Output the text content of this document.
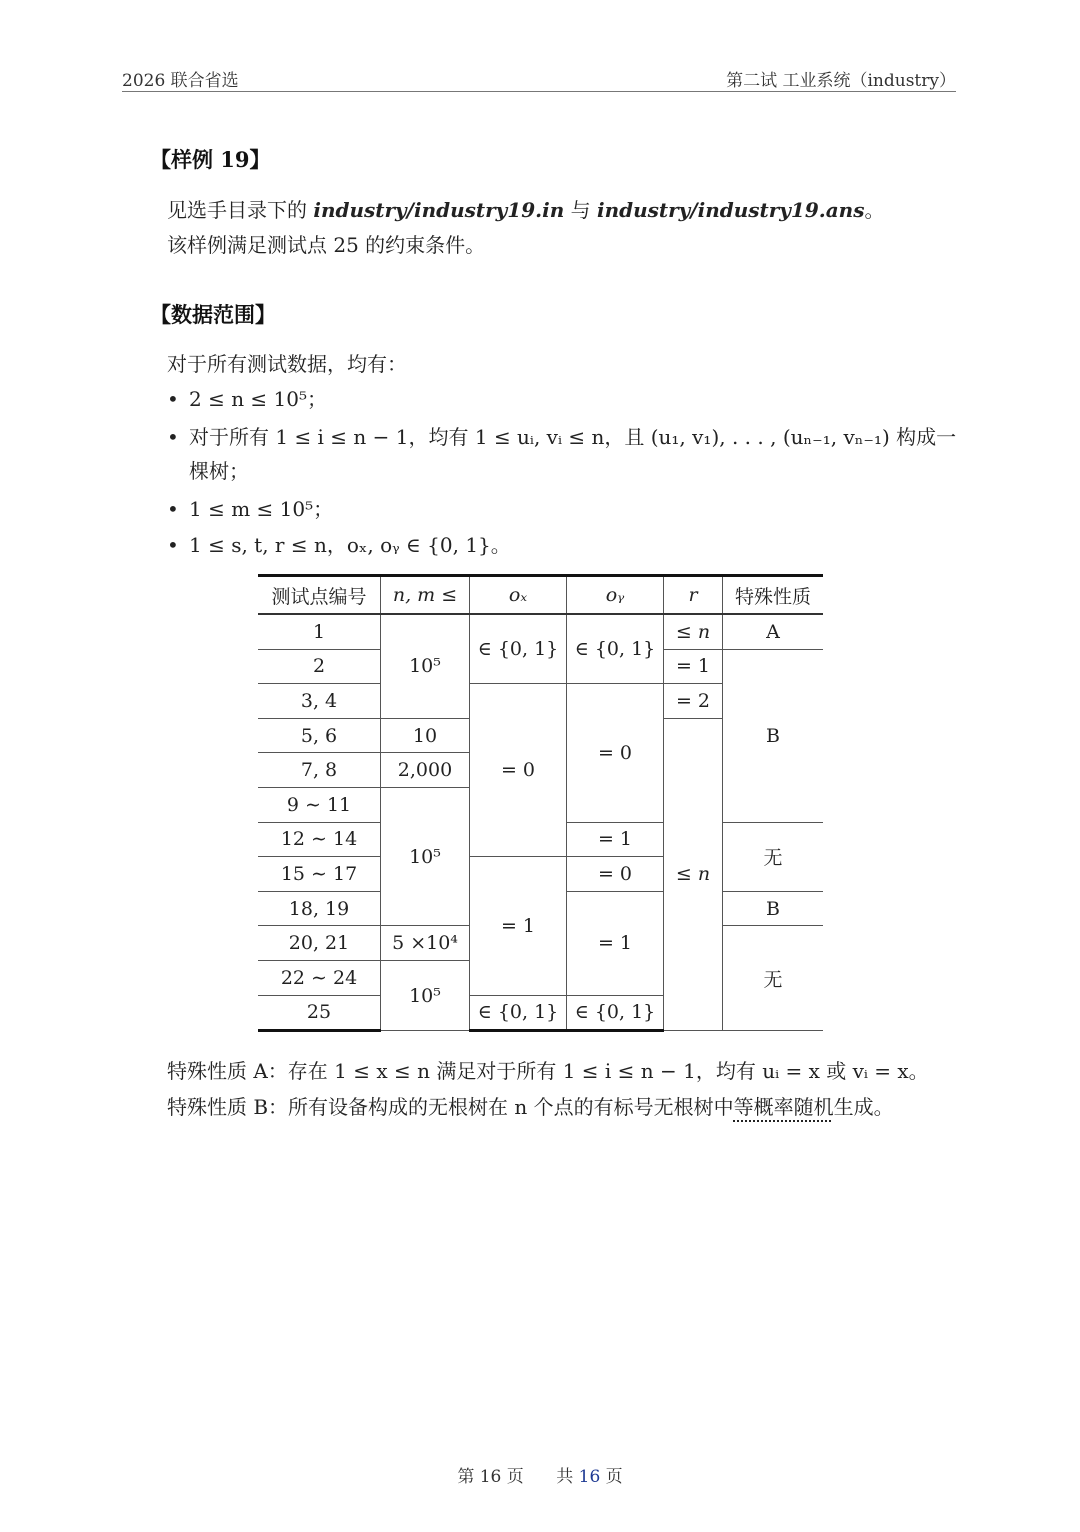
2026 联合省选	第二试 工业系统（industry）
【样例 19】
见选手目录下的 industry/industry19.in 与 industry/industry19.ans。
该样例满足测试点 25 的约束条件。
【数据范围】
对于所有测试数据，均有：
• 2 ≤ n ≤ 10⁵；
• 对于所有 1 ≤ i ≤ n − 1，均有 1 ≤ uᵢ, vᵢ ≤ n，且 (u₁, v₁), . . . , (uₙ₋₁, vₙ₋₁) 构成一棵树；
• 1 ≤ m ≤ 10⁵；
• 1 ≤ s, t, r ≤ n，oₓ, oᵧ ∈ {0, 1}。
测试点编号	n, m ≤	oₓ	oᵧ	r	特殊性质
1	10⁵	∈ {0, 1}	∈ {0, 1}	≤ n	A
2				= 1	B
3, 4		= 0	= 0	= 2	
5, 6	10			≤ n	
7, 8	2,000				
9 ∼ 11	10⁵				
12 ∼ 14			= 1		无
15 ∼ 17		= 1	= 0		
18, 19			= 1		B
20, 21	5 ×10⁴				无
22 ∼ 24	10⁵				
25		∈ {0, 1}	∈ {0, 1}		
特殊性质 A：存在 1 ≤ x ≤ n 满足对于所有 1 ≤ i ≤ n − 1，均有 uᵢ = x 或 vᵢ = x。
特殊性质 B：所有设备构成的无根树在 n 个点的有标号无根树中等概率随机生成。
第 16 页 共 16 页
